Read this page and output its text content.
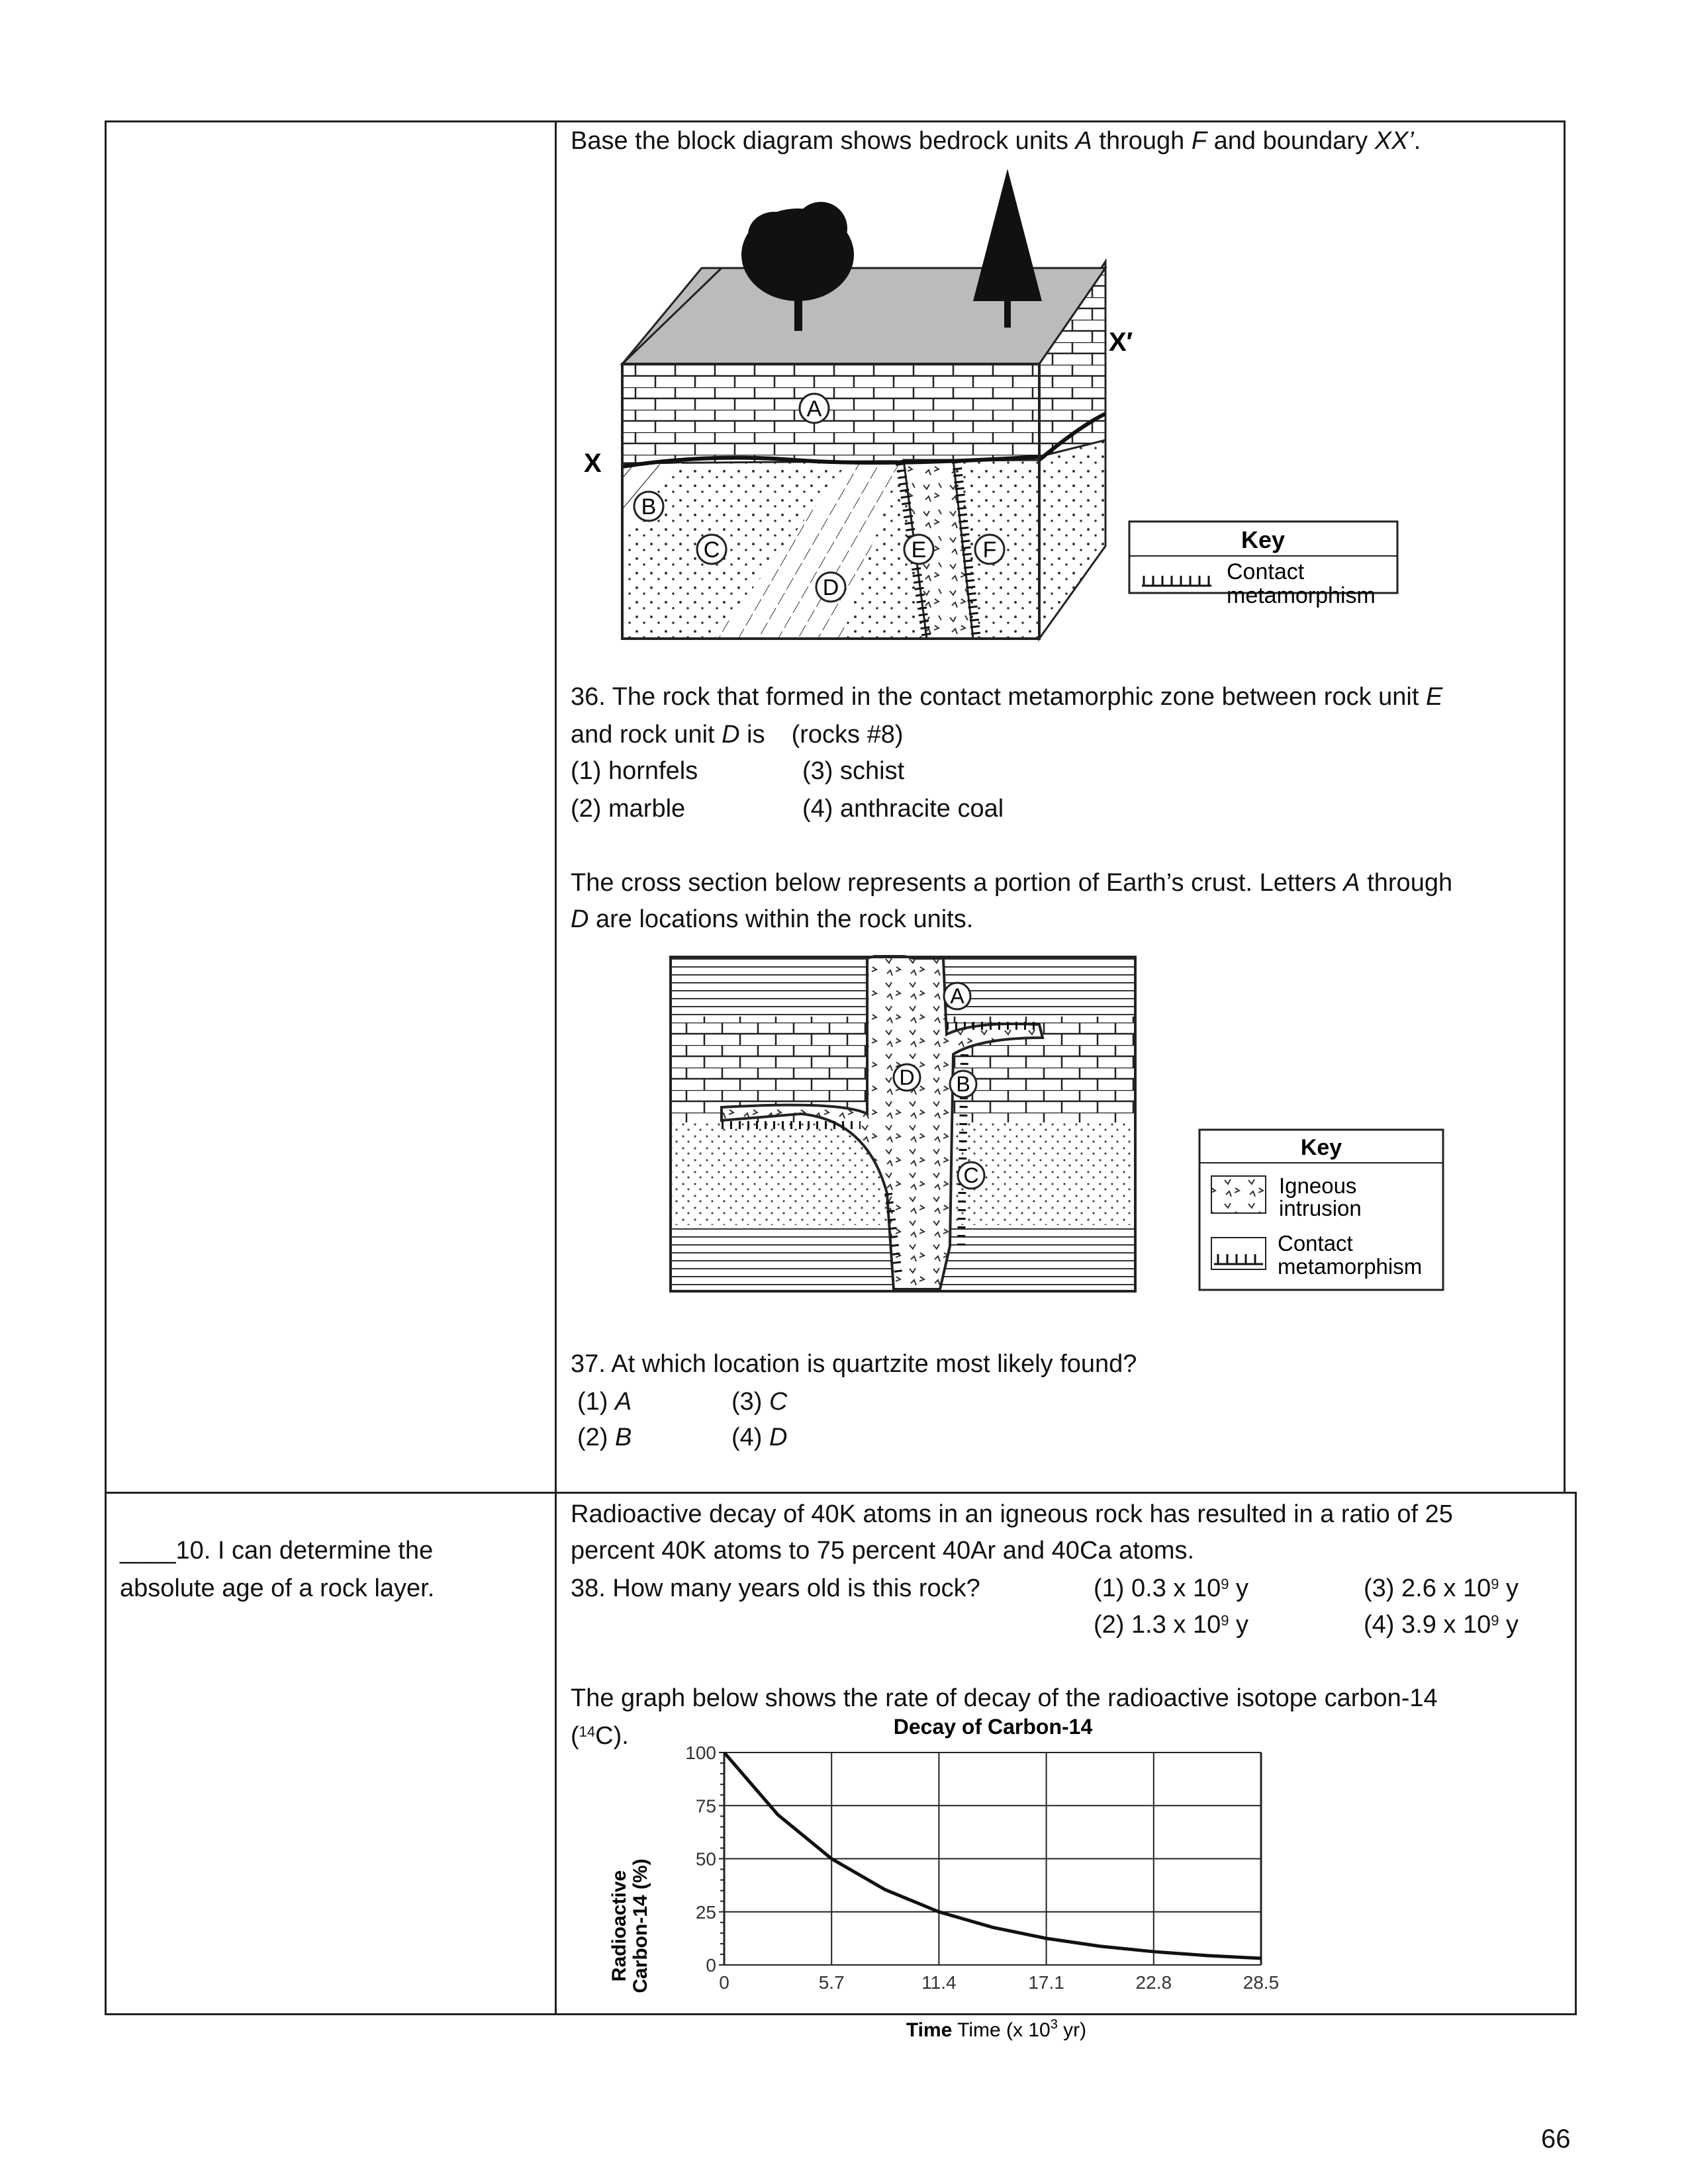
Base the block diagram shows bedrock units A through F and boundary XX’.
X′
X
A
B
C
D
E	F	Key
Contact
metamorphism
36. The rock that formed in the contact metamorphic zone between rock unit E
and rock unit D is (rocks #8)
(1) hornfels
(2) marble
(3) schist
(4) anthracite coal
The cross section below represents a portion of Earth’s crust. Letters A through
D are locations within the rock units.
A
B
C
D
Key
Igneous
intrusion
Contact
metamorphism
37. At which location is quartzite most likely found?
(1) A
(2) B
(3) C
(4) D
____10. I can determine the
absolute age of a rock layer.
Radioactive decay of 40K atoms in an igneous rock has resulted in a ratio of 25
percent 40K atoms to 75 percent 40Ar and 40Ca atoms.
38. How many years old is this rock?	(1) 0.3 x $10^9$ y
(2) 1.3 x $10^9$ y
(3) 2.6 x $10^9$ y
(4) 3.9 x $10^9$ y
The graph below shows the rate of decay of the radioactive isotope carbon-14
($^{14}$C).	Decay of Carbon-14
Radioactive Carbon-14 (%)
Time Time (x $10^3$ yr)
0	5.7	11.4	17.1	22.8	28.5
0
25
50
75
100
66
